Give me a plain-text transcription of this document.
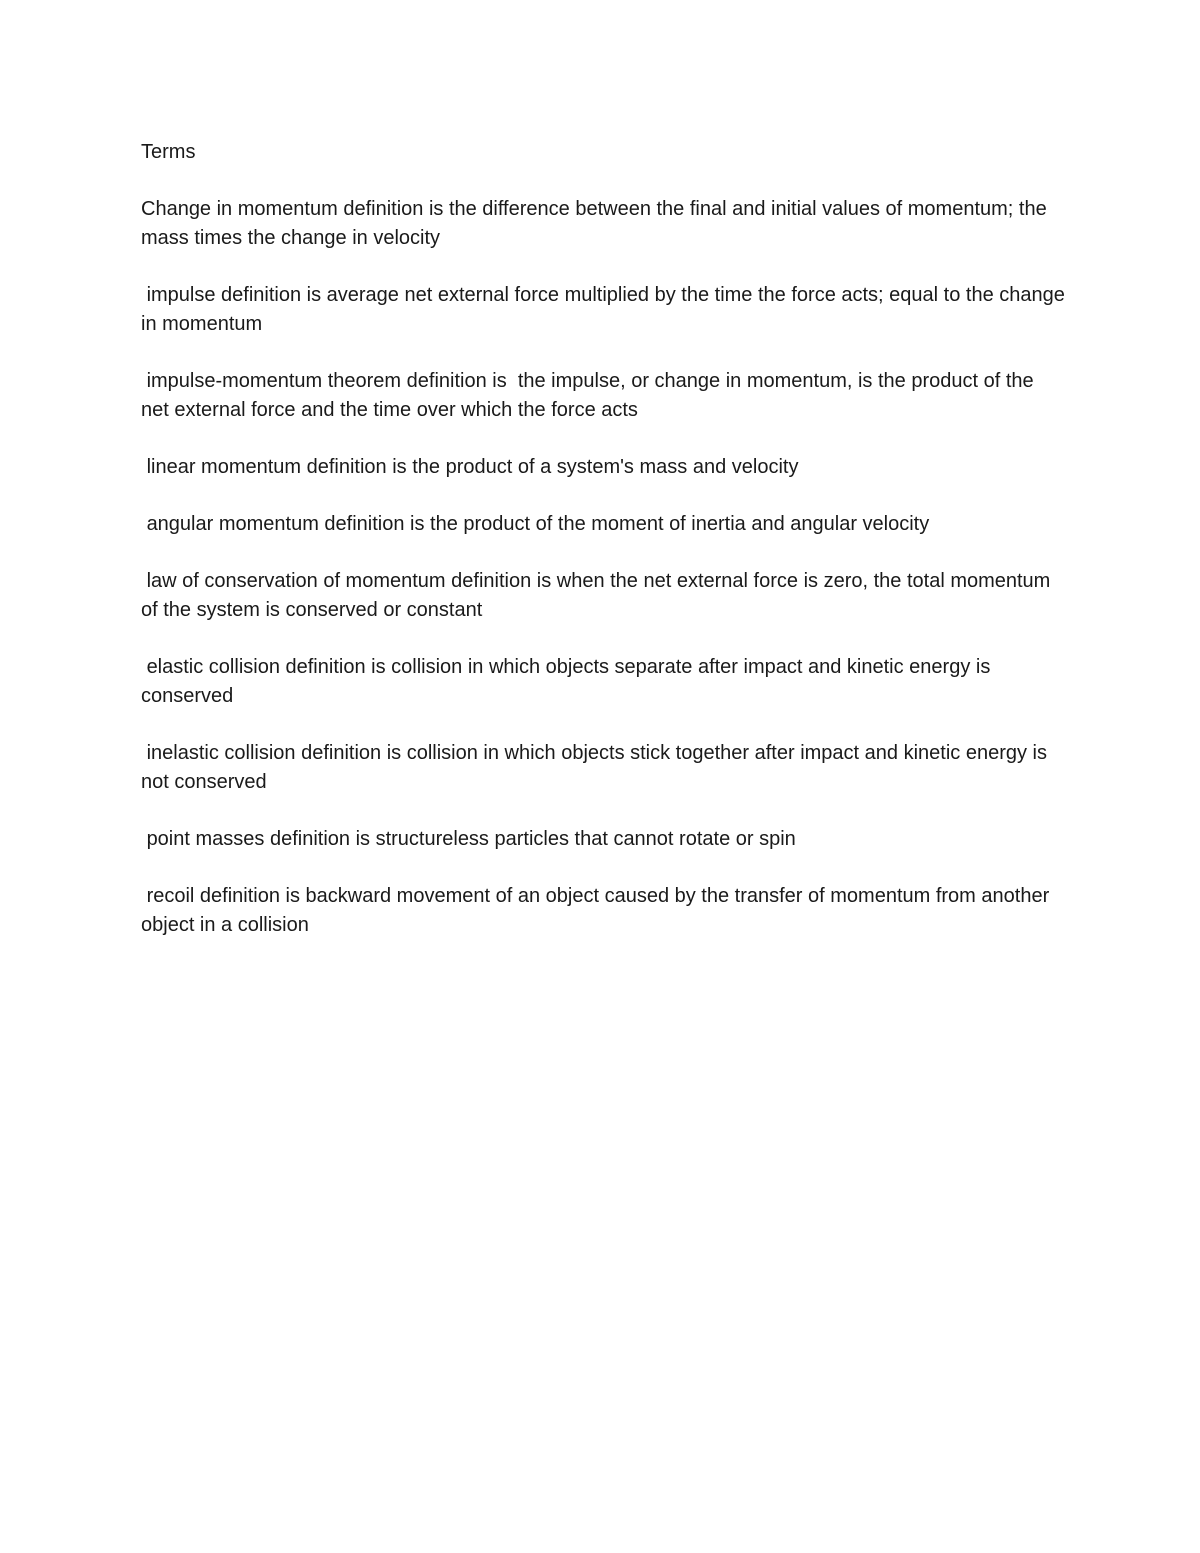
Terms

Change in momentum definition is the difference between the final and initial values of momentum; the mass times the change in velocity

impulse definition is average net external force multiplied by the time the force acts; equal to the change in momentum

impulse-momentum theorem definition is  the impulse, or change in momentum, is the product of the net external force and the time over which the force acts

linear momentum definition is the product of a system's mass and velocity

angular momentum definition is the product of the moment of inertia and angular velocity

law of conservation of momentum definition is when the net external force is zero, the total momentum of the system is conserved or constant

elastic collision definition is collision in which objects separate after impact and kinetic energy is conserved

inelastic collision definition is collision in which objects stick together after impact and kinetic energy is not conserved

point masses definition is structureless particles that cannot rotate or spin

recoil definition is backward movement of an object caused by the transfer of momentum from another object in a collision
